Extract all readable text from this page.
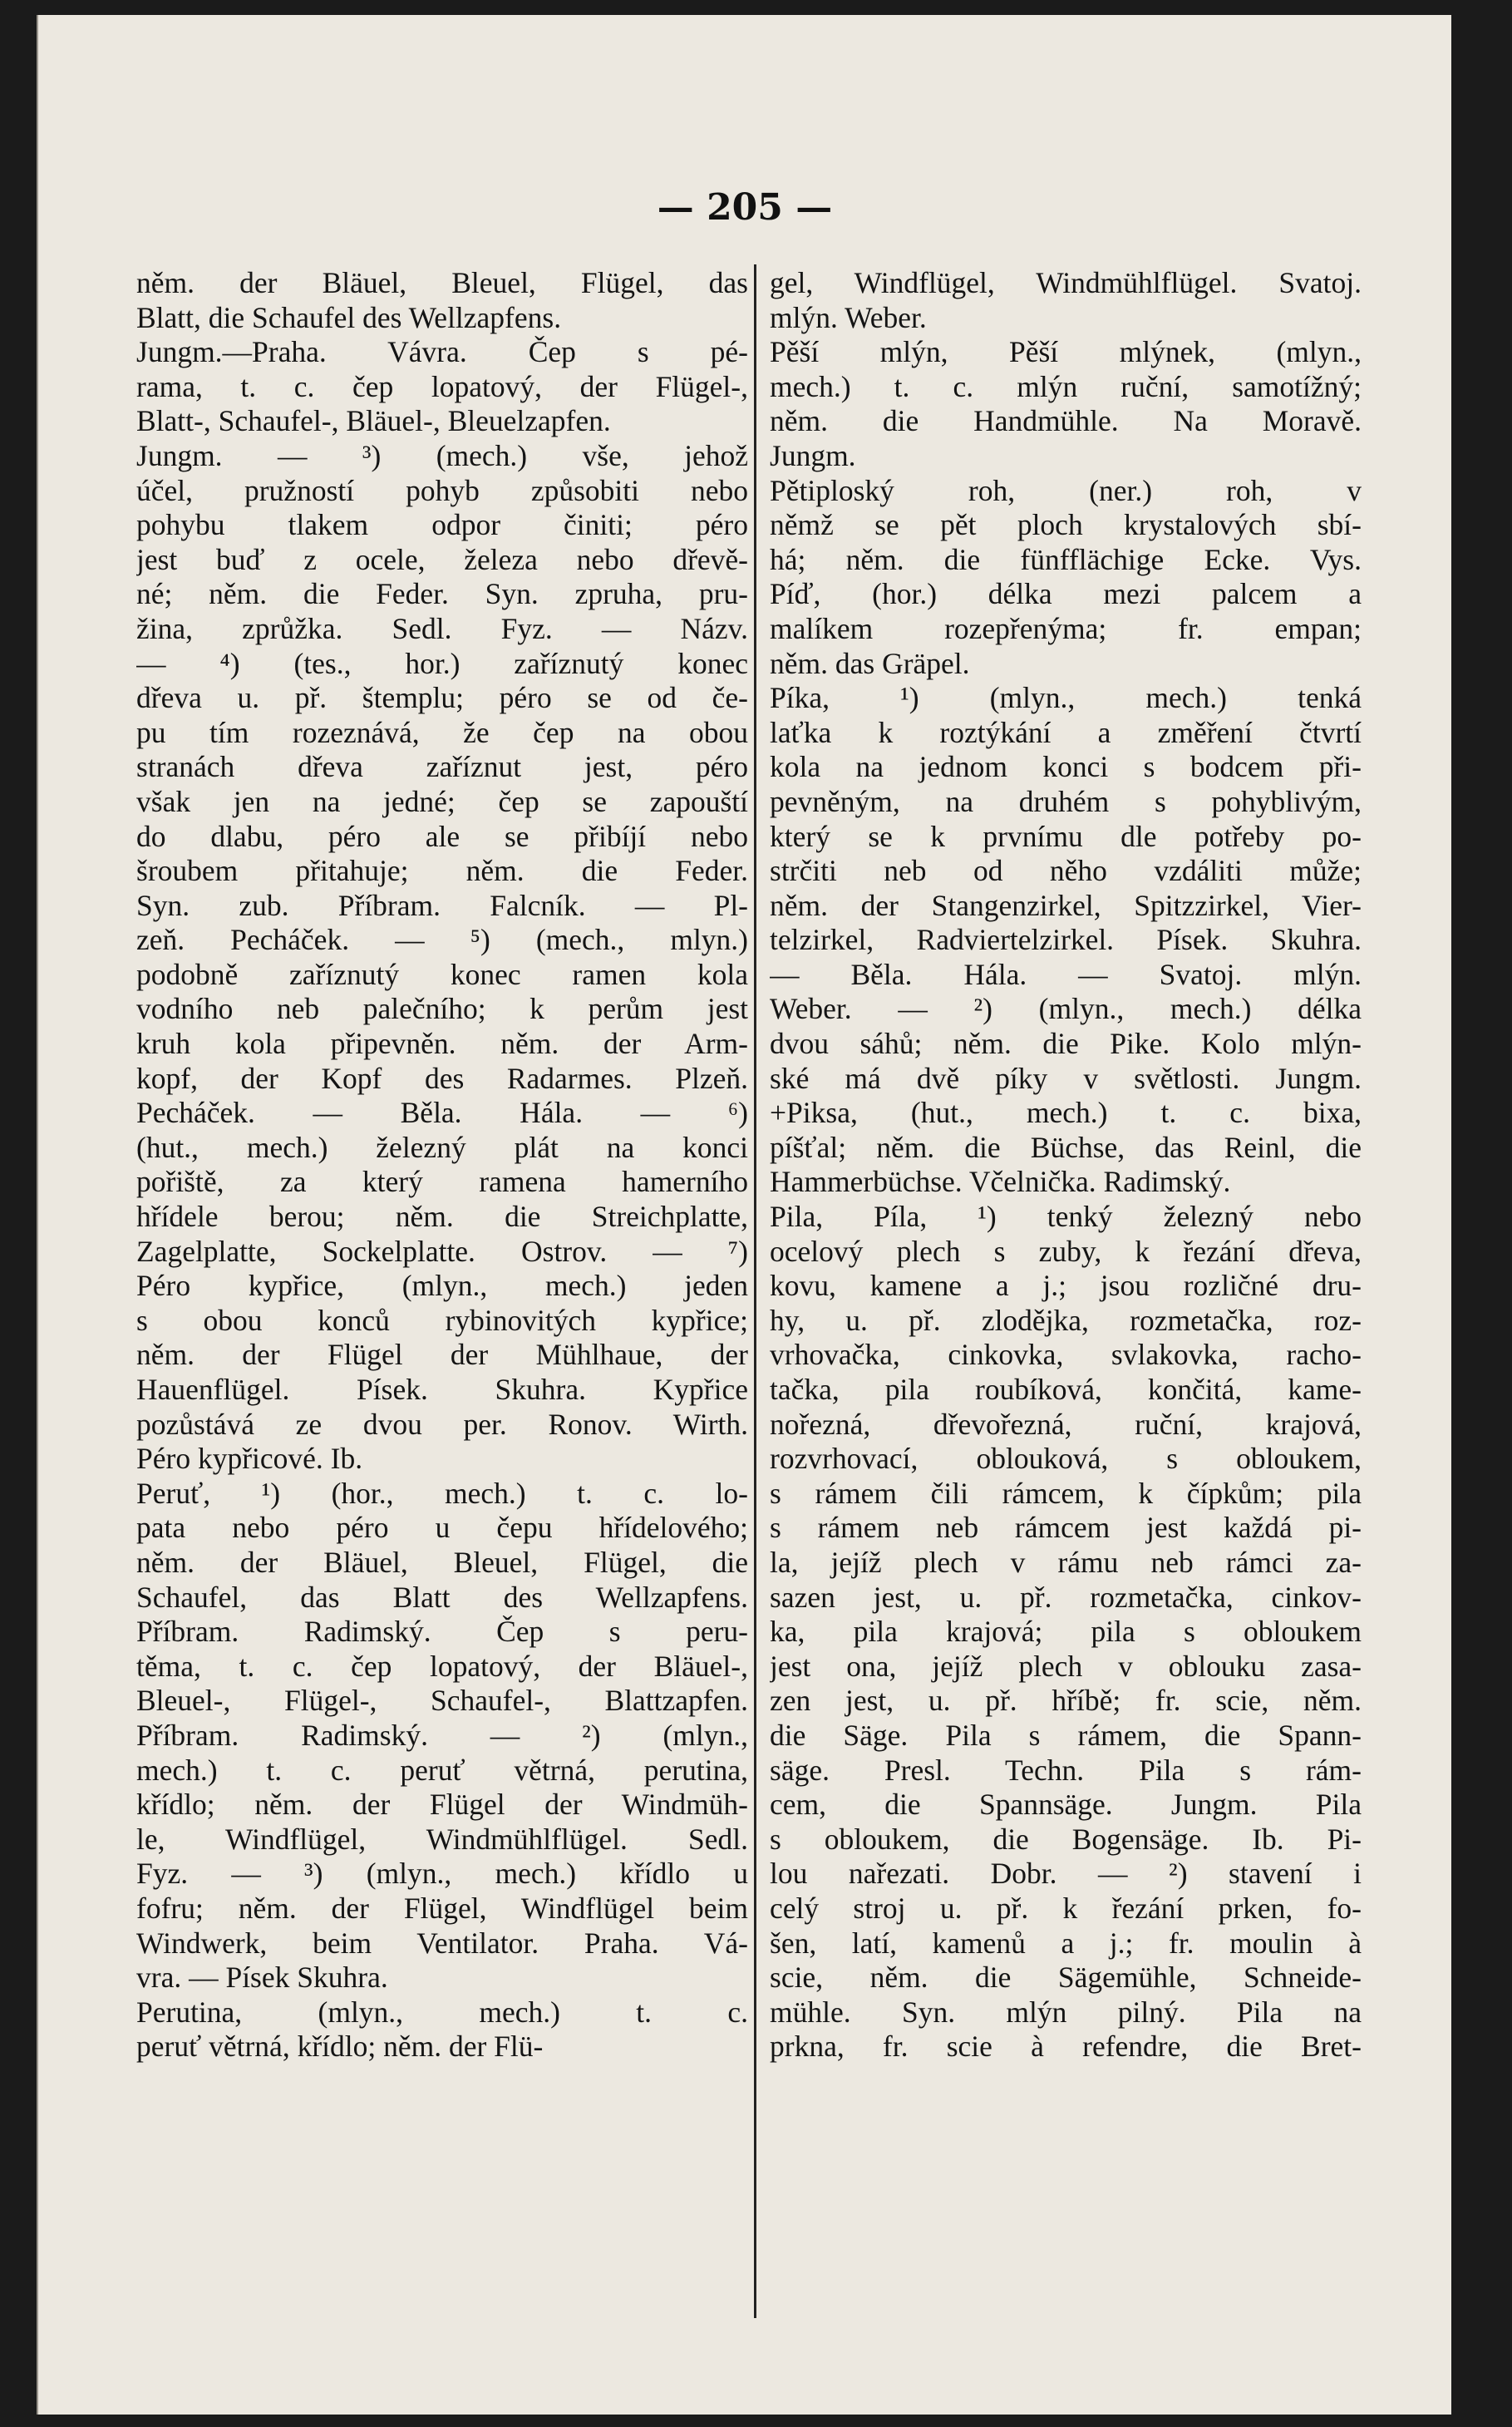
— 205 —
něm. der Bläuel, Bleuel, Flügel, das
Blatt, die Schaufel des Wellzapfens.
Jungm.—Praha. Vávra. Čep s pé-
rama, t. c. čep lopatový, der Flügel-,
Blatt-, Schaufel-, Bläuel-, Bleuelzapfen.
Jungm. — ³) (mech.) vše, jehož
účel, pružností pohyb způsobiti nebo
pohybu tlakem odpor činiti; péro
jest buď z ocele, železa nebo dřevě-
né; něm. die Feder. Syn. zpruha, pru-
žina, zprůžka. Sedl. Fyz. — Názv.
— ⁴) (tes., hor.) zaříznutý konec
dřeva u. př. štemplu; péro se od če-
pu tím rozeznává, že čep na obou
stranách dřeva zaříznut jest, péro
však jen na jedné; čep se zapouští
do dlabu, péro ale se přibíjí nebo
šroubem přitahuje; něm. die Feder.
Syn. zub. Příbram. Falcník. — Pl-
zeň. Pecháček. — ⁵) (mech., mlyn.)
podobně zaříznutý konec ramen kola
vodního neb palečního; k perům jest
kruh kola připevněn. něm. der Arm-
kopf, der Kopf des Radarmes. Plzeň.
Pecháček. — Běla. Hála. — ⁶)
(hut., mech.) železný plát na konci
pořiště, za který ramena hamerního
hřídele berou; něm. die Streichplatte,
Zagelplatte, Sockelplatte. Ostrov. — ⁷)
Péro kypřice, (mlyn., mech.) jeden
s obou konců rybinovitých kypřice;
něm. der Flügel der Mühlhaue, der
Hauenflügel. Písek. Skuhra. Kypřice
pozůstává ze dvou per. Ronov. Wirth.
Péro kypřicové. Ib.
Peruť, ¹) (hor., mech.) t. c. lo-
pata nebo péro u čepu hřídelového;
něm. der Bläuel, Bleuel, Flügel, die
Schaufel, das Blatt des Wellzapfens.
Příbram. Radimský. Čep s peru-
těma, t. c. čep lopatový, der Bläuel-,
Bleuel-, Flügel-, Schaufel-, Blattzapfen.
Příbram. Radimský. — ²) (mlyn.,
mech.) t. c. peruť větrná, perutina,
křídlo; něm. der Flügel der Windmüh-
le, Windflügel, Windmühlflügel. Sedl.
Fyz. — ³) (mlyn., mech.) křídlo u
fofru; něm. der Flügel, Windflügel beim
Windwerk, beim Ventilator. Praha. Vá-
vra. — Písek Skuhra.
Perutina, (mlyn., mech.) t. c.
peruť větrná, křídlo; něm. der Flü-
gel, Windflügel, Windmühlflügel. Svatoj.
mlýn. Weber.
Pěší mlýn, Pěší mlýnek, (mlyn.,
mech.) t. c. mlýn ruční, samotížný;
něm. die Handmühle. Na Moravě.
Jungm.
Pětiploský roh, (ner.) roh, v
němž se pět ploch krystalových sbí-
há; něm. die fünfflächige Ecke. Vys.
Píď, (hor.) délka mezi palcem a
malíkem rozepřenýma; fr. empan;
něm. das Gräpel.
Píka, ¹) (mlyn., mech.) tenká
laťka k roztýkání a změření čtvrtí
kola na jednom konci s bodcem při-
pevněným, na druhém s pohyblivým,
který se k prvnímu dle potřeby po-
strčiti neb od něho vzdáliti může;
něm. der Stangenzirkel, Spitzzirkel, Vier-
telzirkel, Radviertelzirkel. Písek. Skuhra.
— Běla. Hála. — Svatoj. mlýn.
Weber. — ²) (mlyn., mech.) délka
dvou sáhů; něm. die Pike. Kolo mlýn-
ské má dvě píky v světlosti. Jungm.
+Piksa, (hut., mech.) t. c. bixa,
píšťal; něm. die Büchse, das Reinl, die
Hammerbüchse. Včelnička. Radimský.
Pila, Píla, ¹) tenký železný nebo
ocelový plech s zuby, k řezání dřeva,
kovu, kamene a j.; jsou rozličné dru-
hy, u. př. zlodějka, rozmetačka, roz-
vrhovačka, cinkovka, svlakovka, racho-
tačka, pila roubíková, končitá, kame-
nořezná, dřevořezná, ruční, krajová,
rozvrhovací, oblouková, s obloukem,
s rámem čili rámcem, k čípkům; pila
s rámem neb rámcem jest každá pi-
la, jejíž plech v rámu neb rámci za-
sazen jest, u. př. rozmetačka, cinkov-
ka, pila krajová; pila s obloukem
jest ona, jejíž plech v oblouku zasa-
zen jest, u. př. hříbě; fr. scie, něm.
die Säge. Pila s rámem, die Spann-
säge. Presl. Techn. Pila s rám-
cem, die Spannsäge. Jungm. Pila
s obloukem, die Bogensäge. Ib. Pi-
lou nařezati. Dobr. — ²) stavení i
celý stroj u. př. k řezání prken, fo-
šen, latí, kamenů a j.; fr. moulin à
scie, něm. die Sägemühle, Schneide-
mühle. Syn. mlýn pilný. Pila na
prkna, fr. scie à refendre, die Bret-
